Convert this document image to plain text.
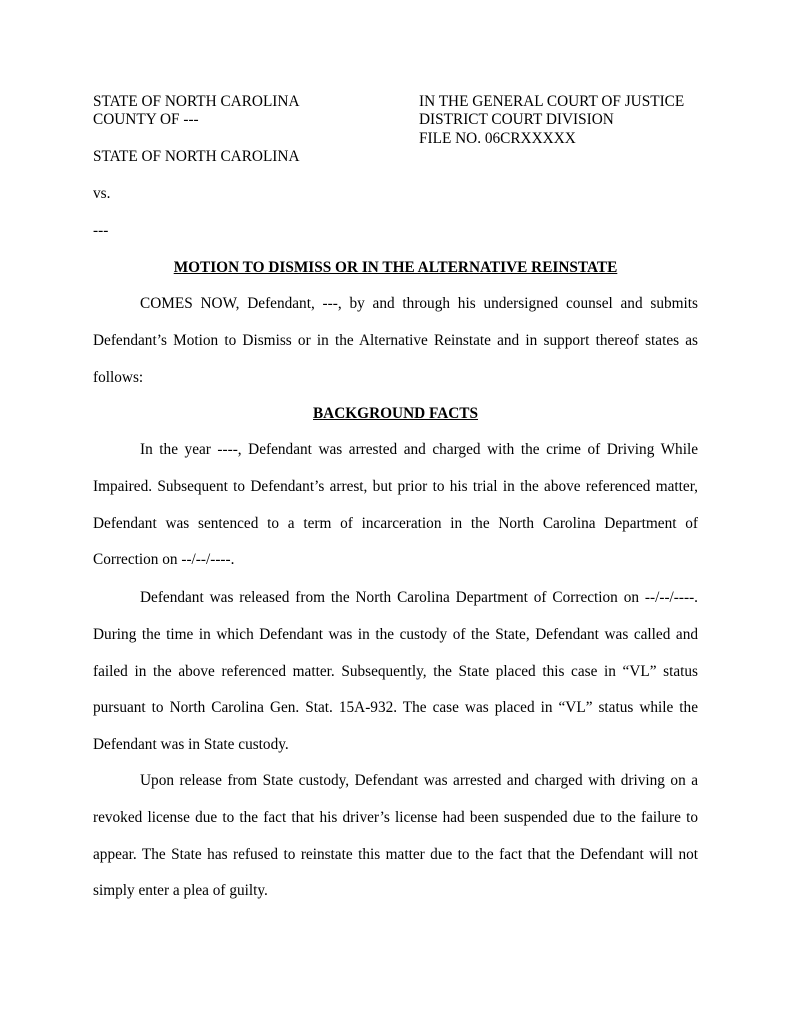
STATE OF NORTH CAROLINA
COUNTY OF ---
IN THE GENERAL COURT OF JUSTICE
DISTRICT COURT DIVISION
FILE NO. 06CRXXXXX
STATE OF NORTH CAROLINA
vs.
---
MOTION TO DISMISS OR IN THE ALTERNATIVE REINSTATE

COMES NOW, Defendant, ---, by and through his undersigned counsel and submits Defendant’s Motion to Dismiss or in the Alternative Reinstate and in support thereof states as follows:

BACKGROUND FACTS

In the year ----, Defendant was arrested and charged with the crime of Driving While Impaired. Subsequent to Defendant’s arrest, but prior to his trial in the above referenced matter, Defendant was sentenced to a term of incarceration in the North Carolina Department of Correction on --/--/----.

Defendant was released from the North Carolina Department of Correction on --/--/----. During the time in which Defendant was in the custody of the State, Defendant was called and failed in the above referenced matter. Subsequently, the State placed this case in “VL” status pursuant to North Carolina Gen. Stat. 15A-932. The case was placed in “VL” status while the Defendant was in State custody.

Upon release from State custody, Defendant was arrested and charged with driving on a revoked license due to the fact that his driver’s license had been suspended due to the failure to appear. The State has refused to reinstate this matter due to the fact that the Defendant will not simply enter a plea of guilty.
